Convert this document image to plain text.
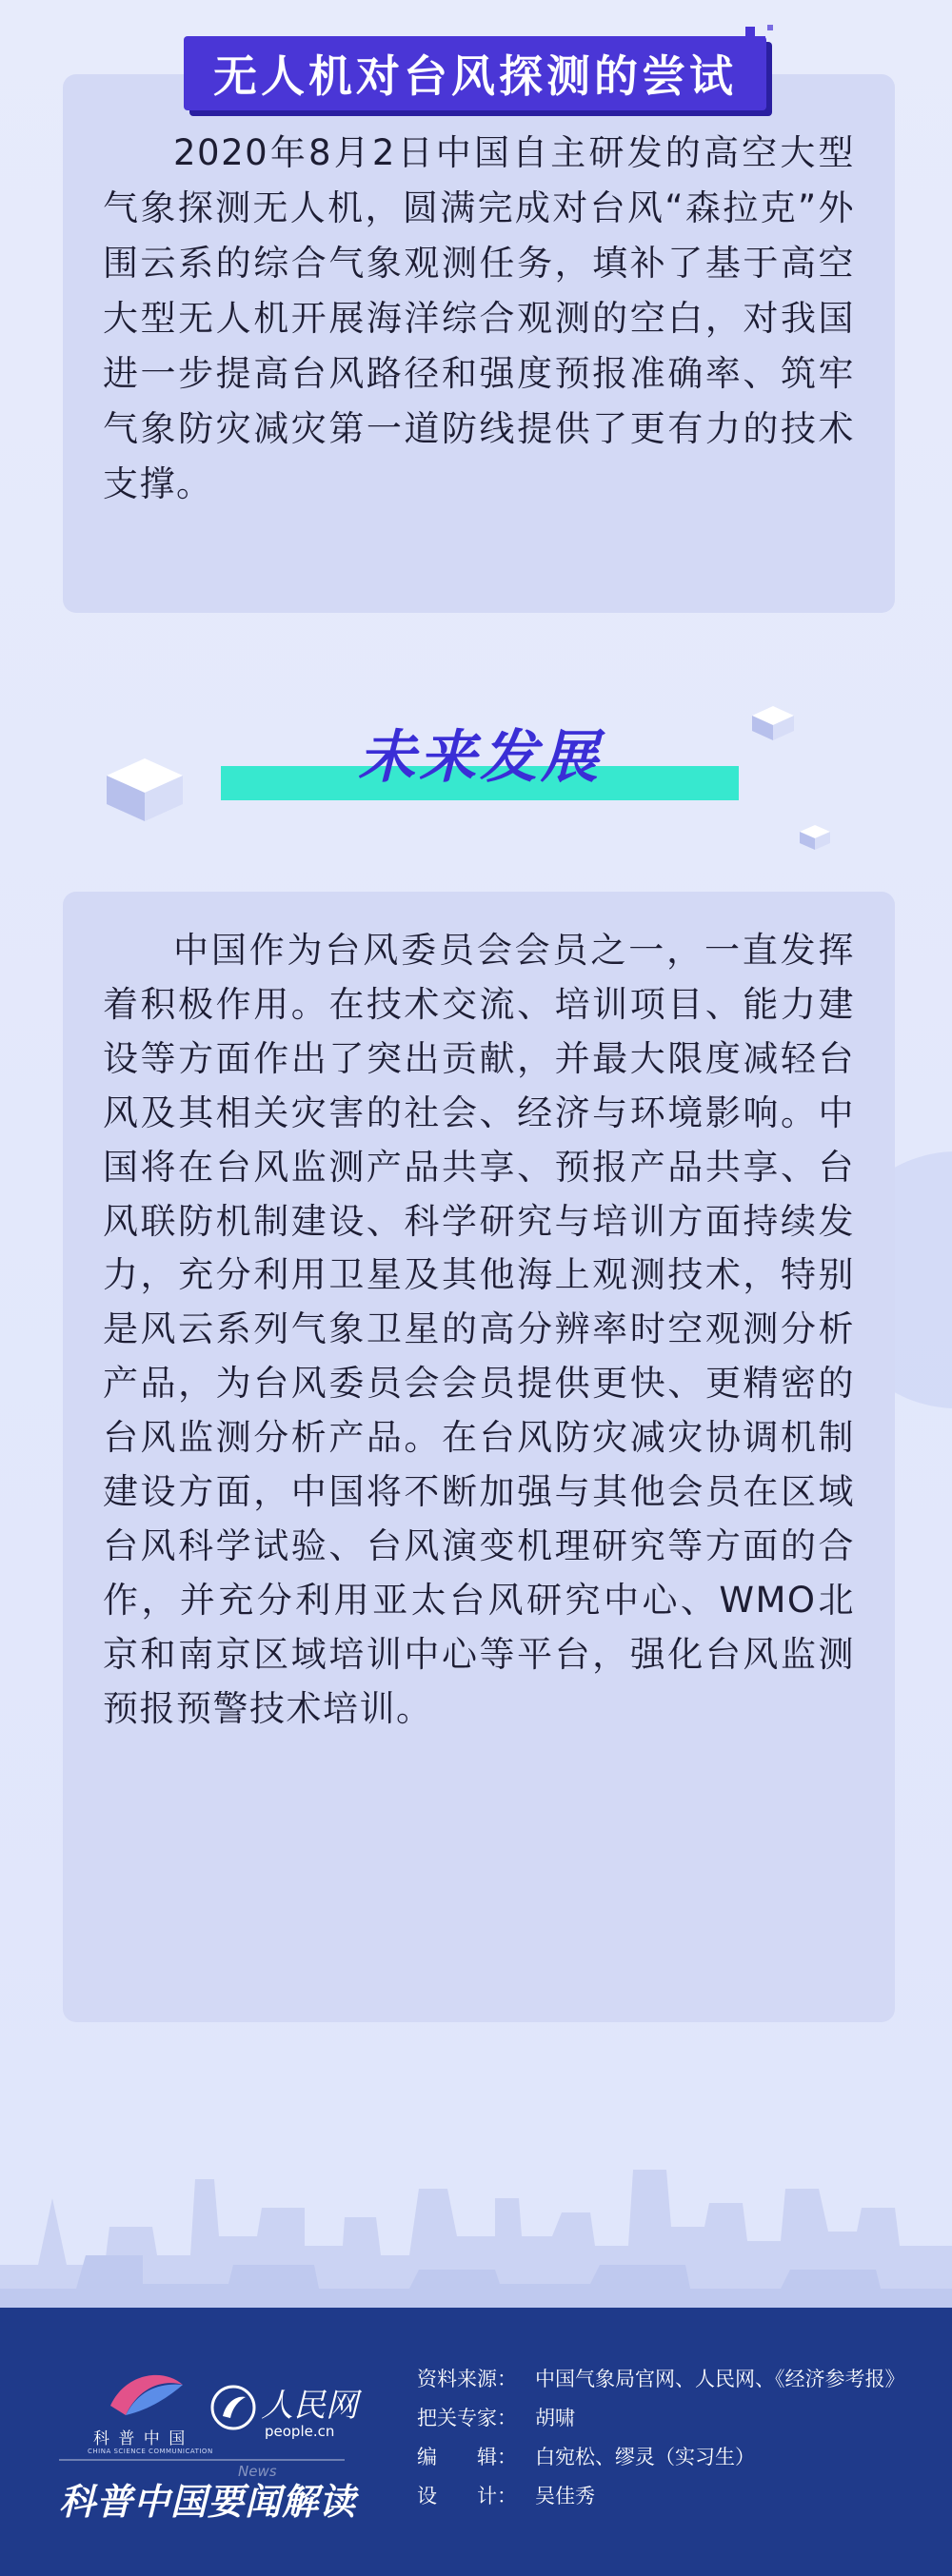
2020年8月2日中国自主研发的高空大型气象探测无人机，圆满完成对台风“森拉克”外围云系的综合气象观测任务，填补了基于高空大型无人机开展海洋综合观测的空白，对我国进一步提高台风路径和强度预报准确率、筑牢气象防灾减灾第一道防线提供了更有力的技术支撑。

无人机对台风探测的尝试
未来发展

中国作为台风委员会会员之一，一直发挥着积极作用。在技术交流、培训项目、能力建设等方面作出了突出贡献，并最大限度减轻台风及其相关灾害的社会、经济与环境影响。中国将在台风监测产品共享、预报产品共享、台风联防机制建设、科学研究与培训方面持续发力，充分利用卫星及其他海上观测技术，特别是风云系列气象卫星的高分辨率时空观测分析产品，为台风委员会会员提供更快、更精密的台风监测分析产品。在台风防灾减灾协调机制建设方面，中国将不断加强与其他会员在区域台风科学试验、台风演变机理研究等方面的合作，并充分利用亚太台风研究中心、WMO北京和南京区域培训中心等平台，强化台风监测预报预警技术培训。

科 普 中 国
CHINA SCIENCE COMMUNICATION
人民网
people.cn
News
科普中国要闻解读
资料来源： 中国气象局官网、人民网、《经济参考报》
把关专家： 胡啸
编　　辑： 白宛松、缪灵（实习生）
设　　计： 吴佳秀
